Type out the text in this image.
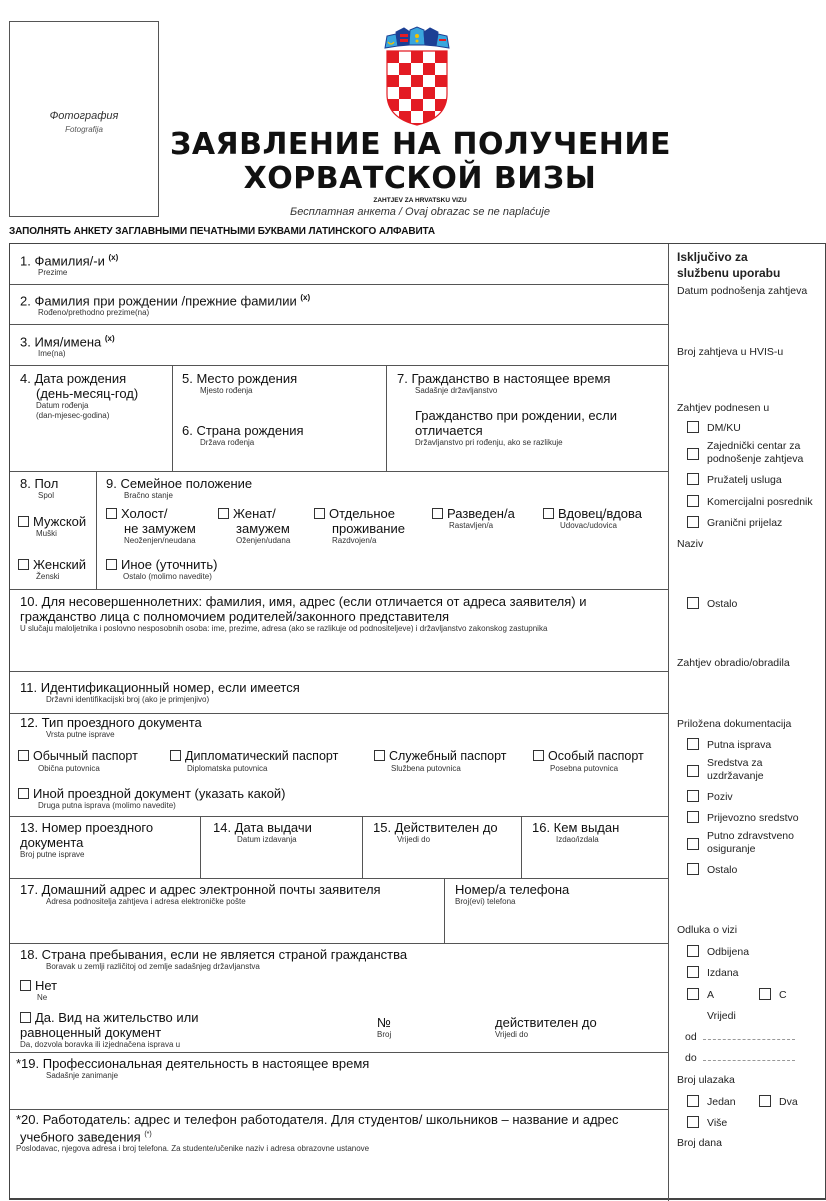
Фотография
Fotografija	ЗАЯВЛЕНИЕ НА ПОЛУЧЕНИЕ
ХОРВАТСКОЙ ВИЗЫ
ZAHTJEV ZA HRVATSKU VIZU
Бесплатная анкета / Ovaj obrazac se ne naplaćuje
ЗАПОЛНЯТЬ АНКЕТУ ЗАГЛАВНЫМИ ПЕЧАТНЫМИ БУКВАМИ ЛАТИНСКОГО АЛФАВИТА
1. Фамилия/-и $^{(x)}$
Prezime
2. Фамилия при рождении /прежние фамилии $^{(x)}$
Rođeno/prethodno prezime(na)
3. Имя/имена $^{(x)}$
Ime(na)
4. Дата рождения
(день-месяц-год)
Datum rođenja
(dan-mjesec-godina)
5. Место рождения
Mjesto rođenja
6. Страна рождения
Država rođenja
7. Гражданство в настоящее время
Sadašnje državljanstvo
Гражданство при рождении, если
отличается
Državljanstvo pri rođenju, ako se razlikuje
8. Пол
Spol
Мужской
Muški
Женский
Ženski
9. Семейное положение
Bračno stanje
Холост/
не замужем
Neoženjen/neudana
Женат/
замужем
Oženjen/udana
Отдельное
проживание
Razdvojen/a
Разведен/а
Rastavljen/a
Вдовец/вдова
Udovac/udovica
Иное (уточнить)
Ostalo (molimo navedite)
10. Для несовершеннолетних: фамилия, имя, адрес (если отличается от адреса заявителя) и
гражданство лица с полномочием родителей/законного представителя
U slučaju maloljetnika i poslovno nesposobnih osoba: ime, prezime, adresa (ako se razlikuje od podnositeljeve) i državljanstvo zakonskog zastupnika
11. Идентификационный номер, если имеется
Državni identifikacijski broj (ako je primjenjivo)
12. Тип проездного документа
Vrsta putne isprave
Обычный паспорт
Obična putovnica
Дипломатический паспорт
Diplomatska putovnica
Служебный паспорт
Službena putovnica
Особый паспорт
Posebna putovnica
Иной проездной документ (указать какой)
Druga putna isprava (molimo navedite)
13. Номер проездного
документа
Broj putne isprave
14. Дата выдачи
Datum izdavanja
15. Действителен до
Vrijedi do
16. Кем выдан
Izdao/izdala
17. Домашний адрес и адрес электронной почты заявителя
Adresa podnositelja zahtjeva i adresa elektroničke pošte
Номер/а телефона
Broj(evi) telefona
18. Страна пребывания, если не является страной гражданства
Boravak u zemlji različitoj od zemlje sadašnjeg državljanstva
Нет
Ne
Да. Вид на жительство или
равноценный документ
Da, dozvola boravka ili izjednačena isprava u
№
Broj
действителен до
Vrijedi do
*19. Профессиональная деятельность в настоящее время
Sadašnje zanimanje
*20. Работодатель: адрес и телефон работодателя. Для студентов/ школьников – название и адрес
учебного заведения (*)
Poslodavac, njegova adresa i broj telefona. Za studente/učenike naziv i adresa obrazovne ustanove
Isključivo za
službenu uporabu
Datum podnošenja zahtjeva
Broj zahtjeva u HVIS-u
Zahtjev podnesen u
DM/KU
Zajednički centar za
podnošenje zahtjeva
Pružatelj usluga
Komercijalni posrednik
Granični prijelaz
Naziv
Ostalo
Zahtjev obradio/obradila
Priložena dokumentacija
Putna isprava
Sredstva za
uzdržavanje
Poziv
Prijevozno sredstvo
Putno zdravstveno
osiguranje
Ostalo
Odluka o vizi
Odbijena
Izdana
A	C
Vrijedi
od
do
Broj ulazaka
Jedan	Dva
Više
Broj dana
